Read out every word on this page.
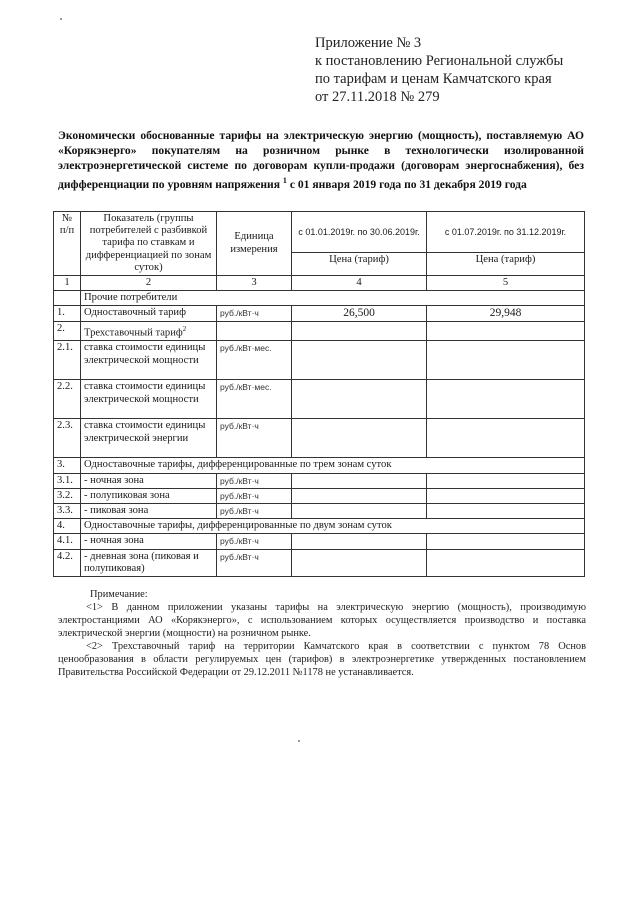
Приложение № 3
к постановлению Региональной службы
по тарифам и ценам Камчатского края
от 27.11.2018 № 279
Экономически обоснованные тарифы на электрическую энергию (мощность), поставляемую АО «Корякэнерго» покупателям на розничном рынке в технологически изолированной электроэнергетической системе по договорам купли-продажи (договорам энергоснабжения), без дифференциации по уровням напряжения $^1$ с 01 января 2019 года по 31 декабря 2019 года
№ п/п	Показатель (группы потребителей с разбивкой тарифа по ставкам и дифференциацией по зонам суток)	Единица измерения	с 01.01.2019г. по 30.06.2019г.	с 01.07.2019г. по 31.12.2019г.
			Цена (тариф)	Цена (тариф)
1	2	3	4	5
	Прочие потребители			
1.	Одноставочный тариф	руб./кВт·ч	26,500	29,948
2.	Трехставочный тариф$^2$			
2.1.	ставка стоимости единицы электрической мощности	руб./кВт·мес.		
2.2.	ставка стоимости единицы электрической мощности	руб./кВт·мес.		
2.3.	ставка стоимости единицы электрической энергии	руб./кВт·ч		
3.	Одноставочные тарифы, дифференцированные по трем зонам суток			
3.1.	- ночная зона	руб./кВт·ч		
3.2.	- полупиковая зона	руб./кВт·ч		
3.3.	- пиковая зона	руб./кВт·ч		
4.	Одноставочные тарифы, дифференцированные по двум зонам суток			
4.1.	- ночная зона	руб./кВт·ч		
4.2.	- дневная зона (пиковая и полупиковая)	руб./кВт·ч		

Примечание:

<1> В данном приложении указаны тарифы на электрическую энергию (мощность), производимую электростанциями АО «Корякэнерго», с использованием которых осуществляется производство и поставка электрической энергии (мощности) на розничном рынке.

<2> Трехставочный тариф на территории Камчатского края в соответствии с пунктом 78 Основ ценообразования в области регулируемых цен (тарифов) в электроэнергетике утвержденных постановлением Правительства Российской Федерации от 29.12.2011 №1178 не устанавливается.
